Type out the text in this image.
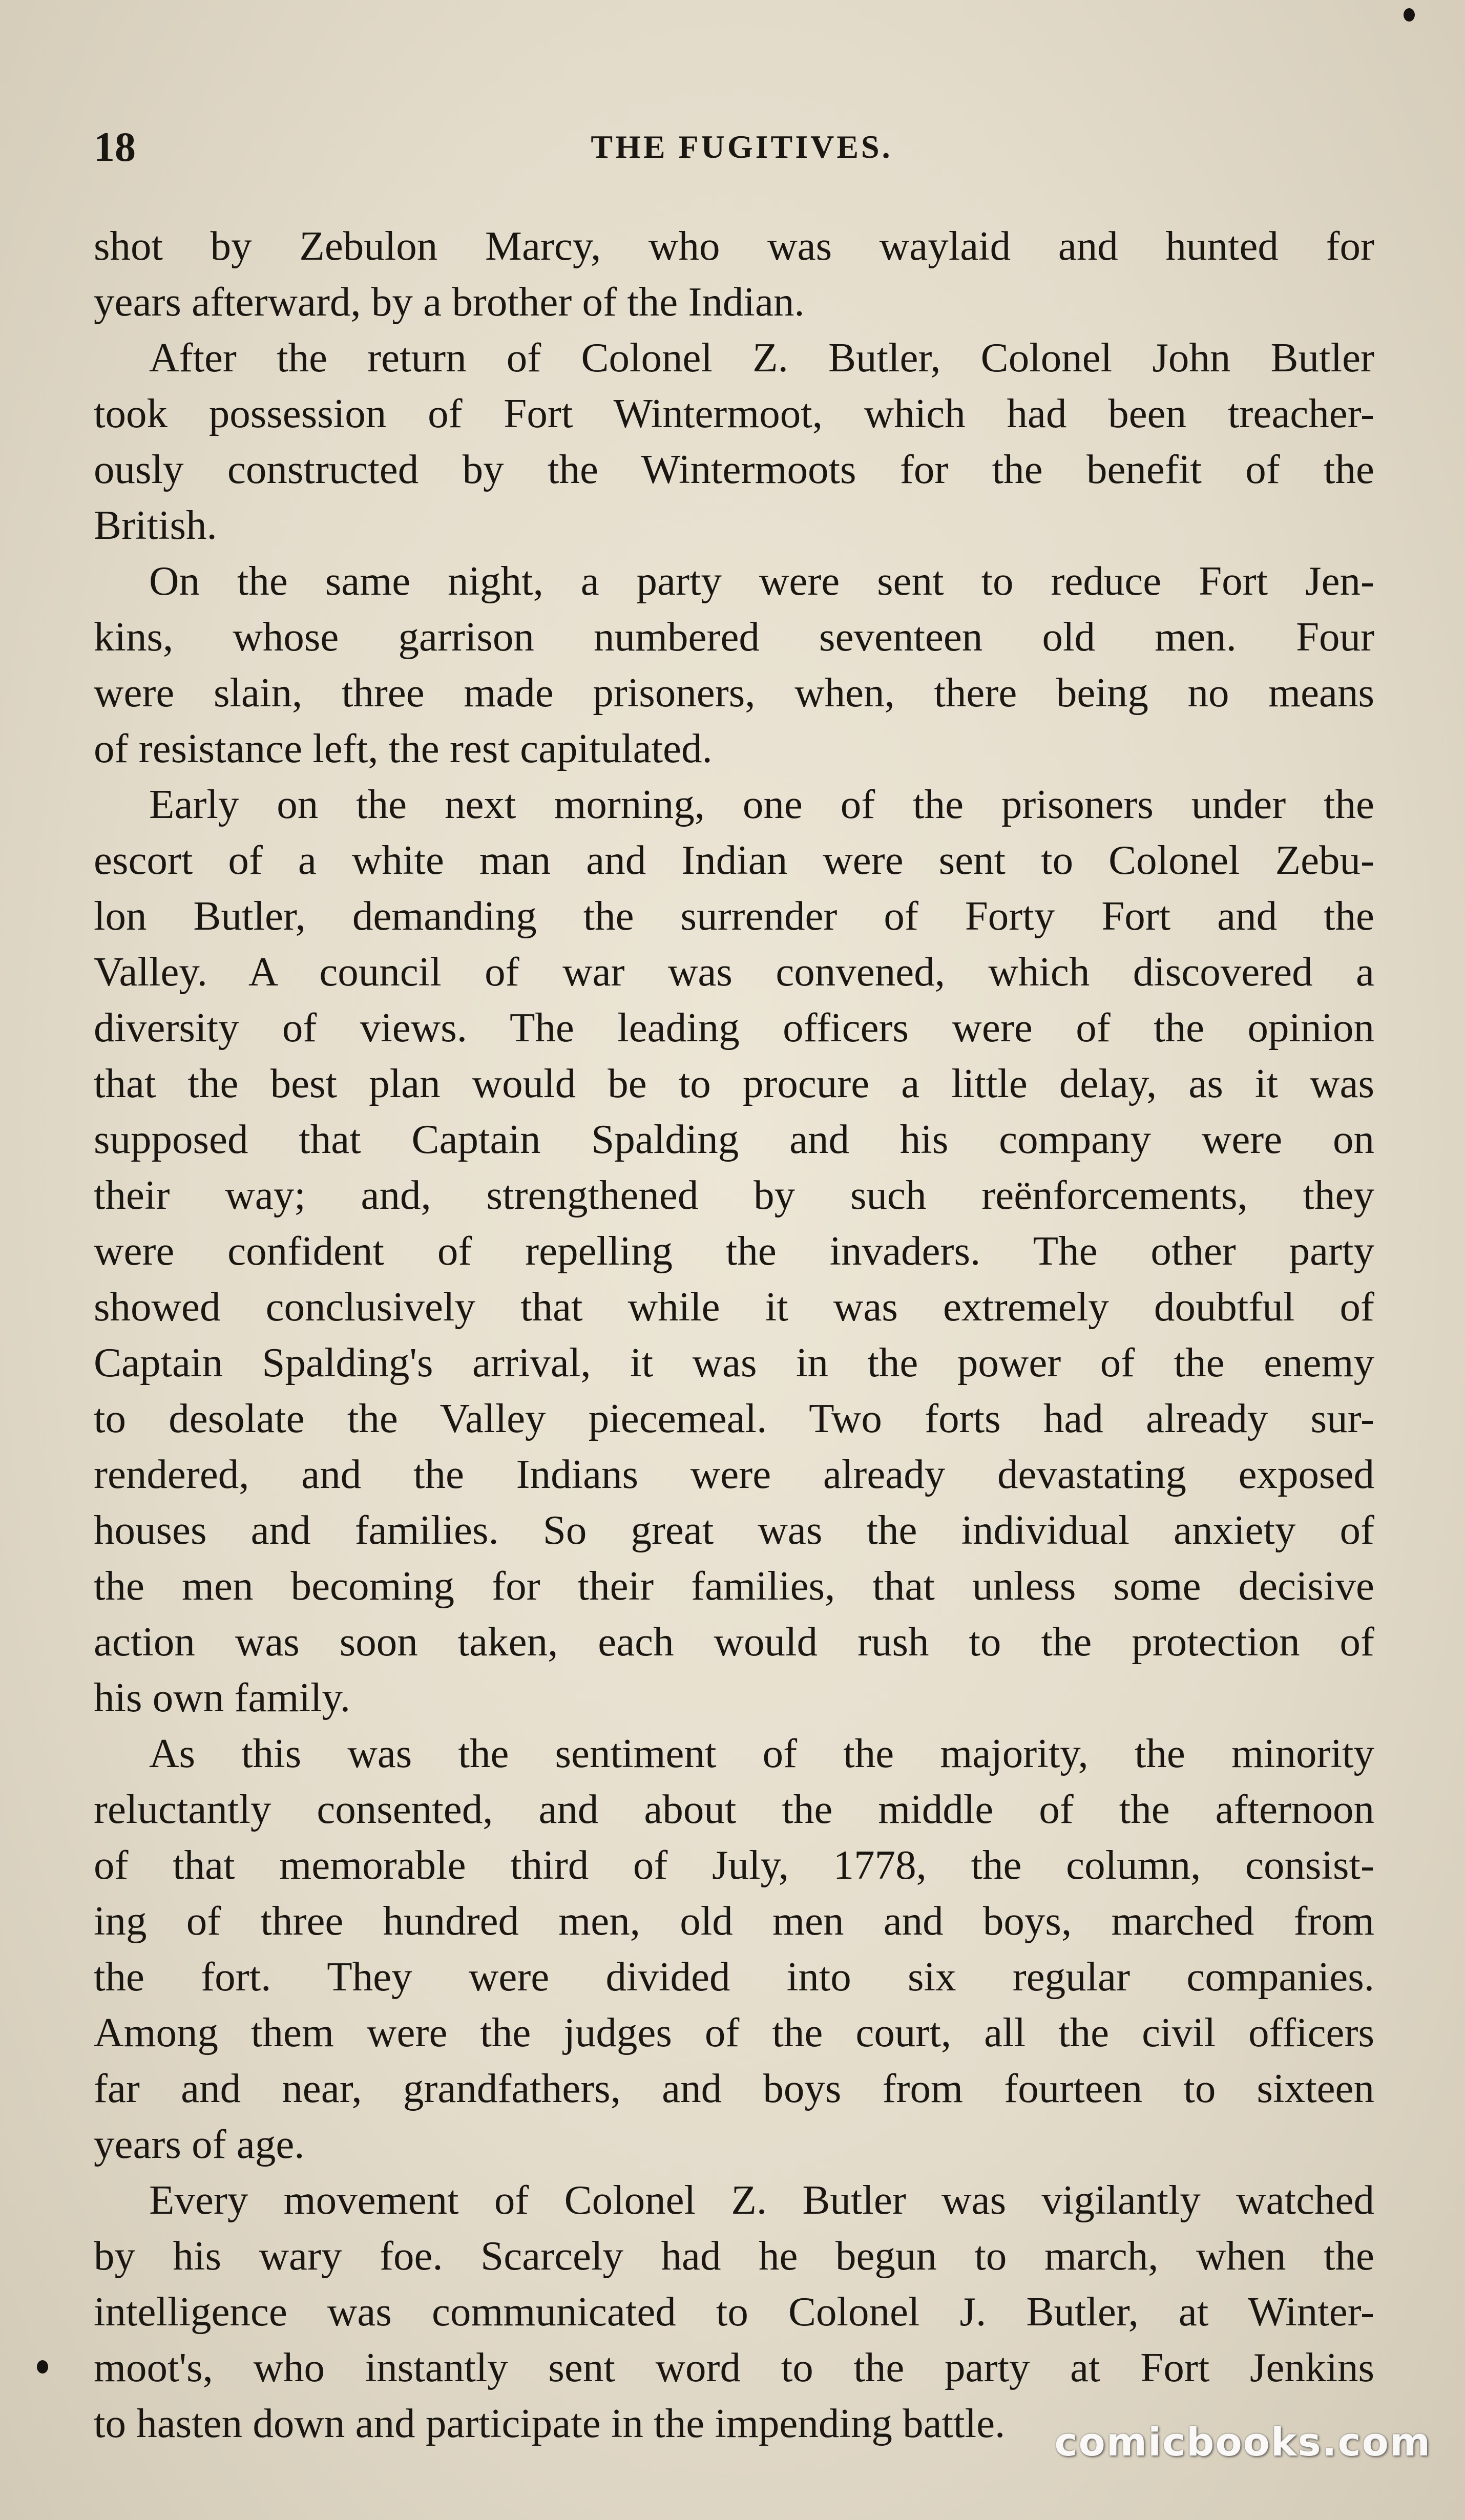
18	THE FUGITIVES.
shot by Zebulon Marcy, who was waylaid and hunted for
years afterward, by a brother of the Indian.
After the return of Colonel Z. Butler, Colonel John Butler
took possession of Fort Wintermoot, which had been treacher-
ously constructed by the Wintermoots for the benefit of the
British.
On the same night, a party were sent to reduce Fort Jen-
kins, whose garrison numbered seventeen old men. Four
were slain, three made prisoners, when, there being no means
of resistance left, the rest capitulated.
Early on the next morning, one of the prisoners under the
escort of a white man and Indian were sent to Colonel Zebu-
lon Butler, demanding the surrender of Forty Fort and the
Valley. A council of war was convened, which discovered a
diversity of views. The leading officers were of the opinion
that the best plan would be to procure a little delay, as it was
supposed that Captain Spalding and his company were on
their way; and, strengthened by such reënforcements, they
were confident of repelling the invaders. The other party
showed conclusively that while it was extremely doubtful of
Captain Spalding's arrival, it was in the power of the enemy
to desolate the Valley piecemeal. Two forts had already sur-
rendered, and the Indians were already devastating exposed
houses and families. So great was the individual anxiety of
the men becoming for their families, that unless some decisive
action was soon taken, each would rush to the protection of
his own family.
As this was the sentiment of the majority, the minority
reluctantly consented, and about the middle of the afternoon
of that memorable third of July, 1778, the column, consist-
ing of three hundred men, old men and boys, marched from
the fort. They were divided into six regular companies.
Among them were the judges of the court, all the civil officers
far and near, grandfathers, and boys from fourteen to sixteen
years of age.
Every movement of Colonel Z. Butler was vigilantly watched
by his wary foe. Scarcely had he begun to march, when the
intelligence was communicated to Colonel J. Butler, at Winter-
moot's, who instantly sent word to the party at Fort Jenkins
to hasten down and participate in the impending battle.	comicbooks.com
